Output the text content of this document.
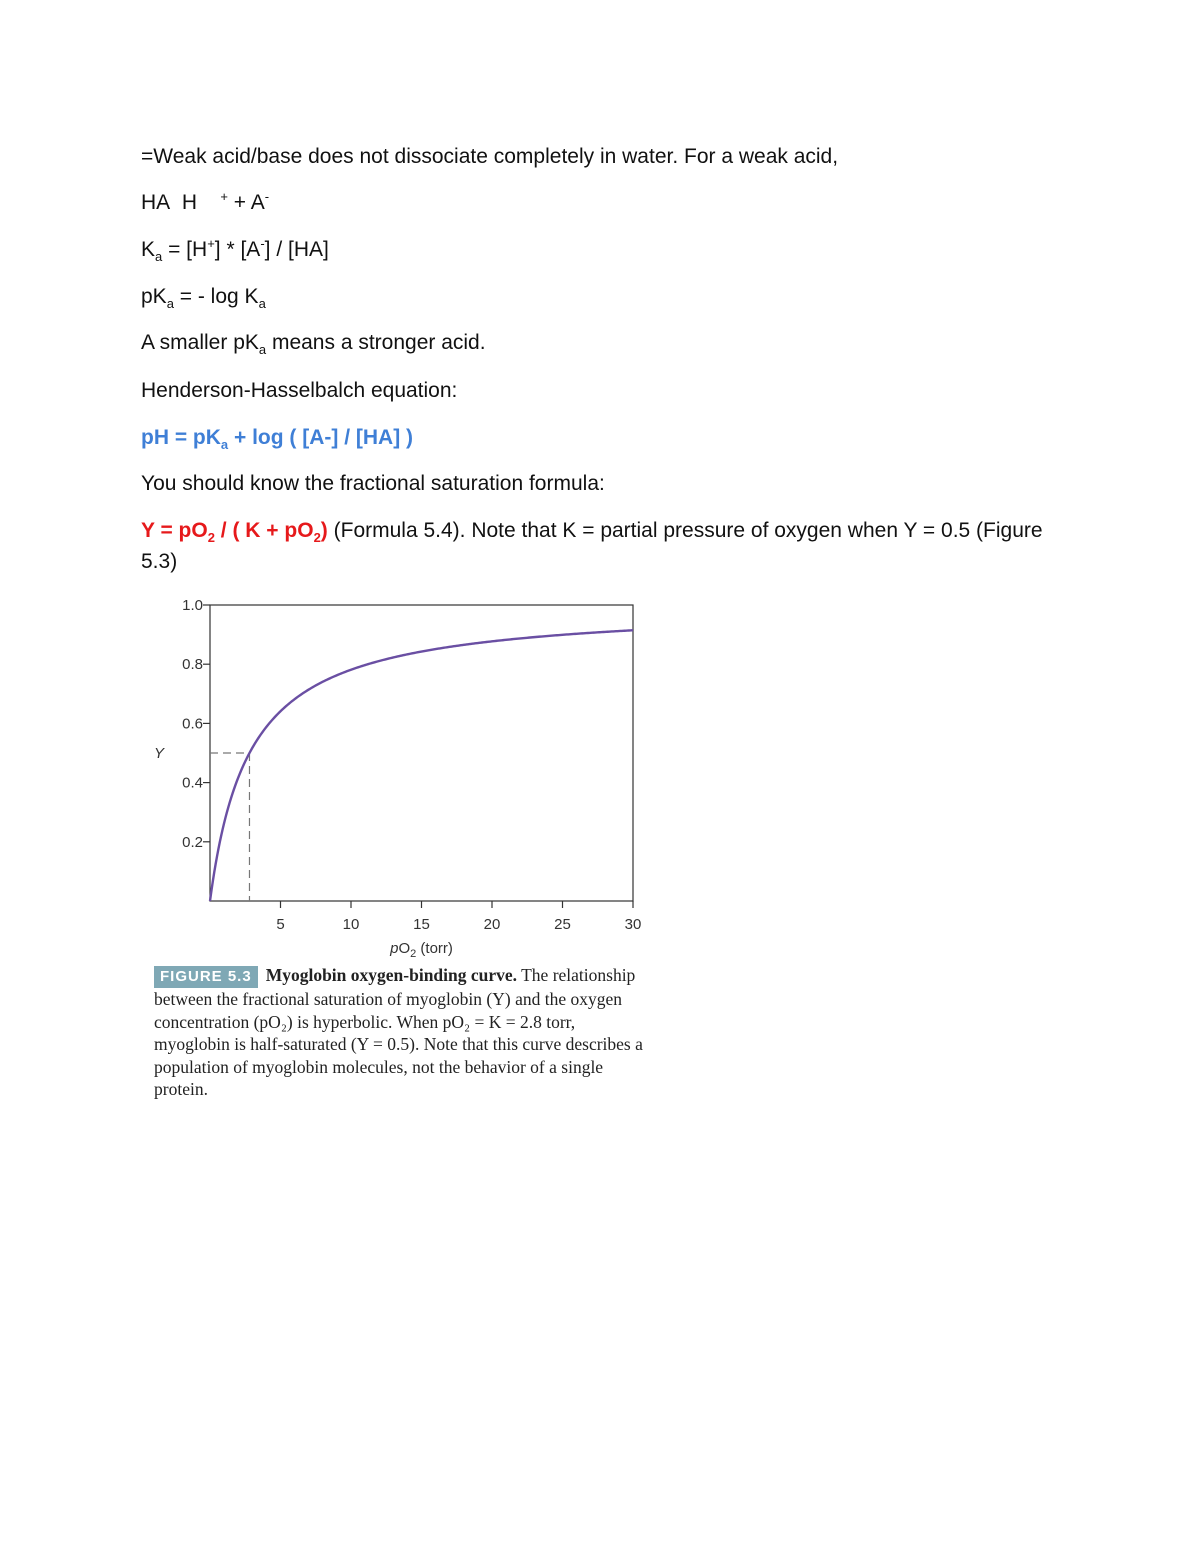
=Weak acid/base does not dissociate completely in water. For a weak acid,
HA H + + A-
$K_a = [H^+] * [A^-] / [HA]$
$pK_a$ = - $\log K_a$
A smaller $pK_a$ means a stronger acid.
Henderson-Hasselbalch equation:
pH = $pK_a + \log$ ( [A-] / [HA] )
You should know the fractional saturation formula:
$Y = pO_2$ / ( $K + pO_2$) (Formula 5.4). Note that K = partial pressure of oxygen when Y = 0.5 (Figure 5.3)
0.2
0.4
0.6
0.8
1.0
5	10	15	20	25	30
Y
$pO_2$ (torr)
FIGURE 5.3 Myoglobin oxygen-binding curve. The relationship between the fractional saturation of myoglobin (Y) and the oxygen concentration (pO₂) is hyperbolic. When pO₂ = K = 2.8 torr, myoglobin is half-saturated (Y = 0.5). Note that this curve describes a population of myoglobin molecules, not the behavior of a single protein.
